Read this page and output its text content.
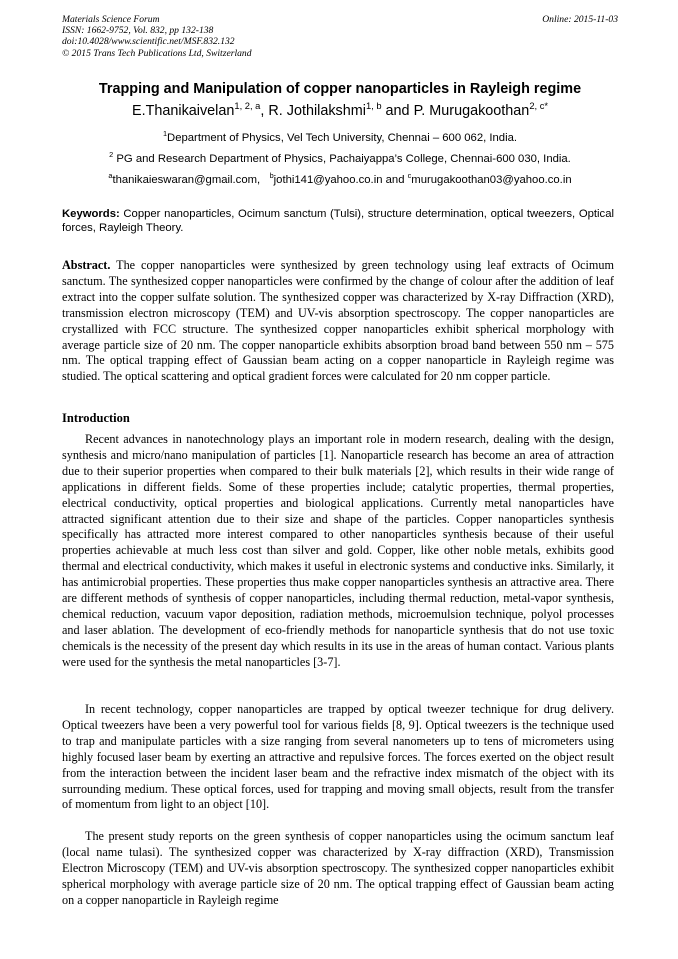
Materials Science Forum
ISSN: 1662-9752, Vol. 832, pp 132-138
doi:10.4028/www.scientific.net/MSF.832.132
© 2015 Trans Tech Publications Ltd, Switzerland
Online: 2015-11-03
Trapping and Manipulation of copper nanoparticles in Rayleigh regime
E.Thanikaivelan$^{1, 2, a}$, R. Jothilakshmi$^{1, b}$ and P. Murugakoothan$^{2, c*}$
$^1$Department of Physics, Vel Tech University, Chennai – 600 062, India.
$^2$ PG and Research Department of Physics, Pachaiyappa’s College, Chennai-600 030, India.
$^a$thanikaieswaran@gmail.com, $^b$jothi141@yahoo.co.in and $^c$murugakoothan03@yahoo.co.in
Keywords: Copper nanoparticles, Ocimum sanctum (Tulsi), structure determination, optical tweezers, Optical forces, Rayleigh Theory.

Abstract. The copper nanoparticles were synthesized by green technology using leaf extracts of Ocimum sanctum. The synthesized copper nanoparticles were confirmed by the change of colour after the addition of leaf extract into the copper sulfate solution. The synthesized copper was characterized by X-ray Diffraction (XRD), transmission electron microscopy (TEM) and UV-vis absorption spectroscopy. The copper nanoparticles are crystallized with FCC structure. The synthesized copper nanoparticles exhibit spherical morphology with average particle size of 20 nm. The copper nanoparticle exhibits absorption broad band between 550 nm – 575 nm. The optical trapping effect of Gaussian beam acting on a copper nanoparticle in Rayleigh regime was studied. The optical scattering and optical gradient forces were calculated for 20 nm copper particle.

Introduction

Recent advances in nanotechnology plays an important role in modern research, dealing with the design, synthesis and micro/nano manipulation of particles [1]. Nanoparticle research has become an area of attraction due to their superior properties when compared to their bulk materials [2], which results in their wide range of applications in different fields. Some of these properties include; catalytic properties, thermal properties, electrical conductivity, optical properties and biological applications. Currently metal nanoparticles have attracted significant attention due to their size and shape of the particles. Copper nanoparticles synthesis specifically has attracted more interest compared to other nanoparticles synthesis because of their useful properties achievable at much less cost than silver and gold. Copper, like other noble metals, exhibits good thermal and electrical conductivity, which makes it useful in electronic systems and conductive inks. Similarly, it has antimicrobial properties. These properties thus make copper nanoparticles synthesis an attractive area. There are different methods of synthesis of copper nanoparticles, including thermal reduction, metal-vapor synthesis, chemical reduction, vacuum vapor deposition, radiation methods, microemulsion technique, polyol processes and laser ablation. The development of eco-friendly methods for nanoparticle synthesis that do not use toxic chemicals is the necessity of the present day which results in its use in the areas of human contact. Various plants were used for the synthesis the metal nanoparticles [3-7].

In recent technology, copper nanoparticles are trapped by optical tweezer technique for drug delivery. Optical tweezers have been a very powerful tool for various fields [8, 9]. Optical tweezers is the technique used to trap and manipulate particles with a size ranging from several nanometers up to tens of micrometers using highly focused laser beam by exerting an attractive and repulsive forces. The forces exerted on the object result from the interaction between the incident laser beam and the refractive index mismatch of the object with its surrounding medium. These optical forces, used for trapping and moving small objects, result from the transfer of momentum from light to an object [10].

The present study reports on the green synthesis of copper nanoparticles using the ocimum sanctum leaf (local name tulasi). The synthesized copper was characterized by X-ray diffraction (XRD), Transmission Electron Microscopy (TEM) and UV-vis absorption spectroscopy. The synthesized copper nanoparticles exhibit spherical morphology with average particle size of 20 nm. The optical trapping effect of Gaussian beam acting on a copper nanoparticle in Rayleigh regime
